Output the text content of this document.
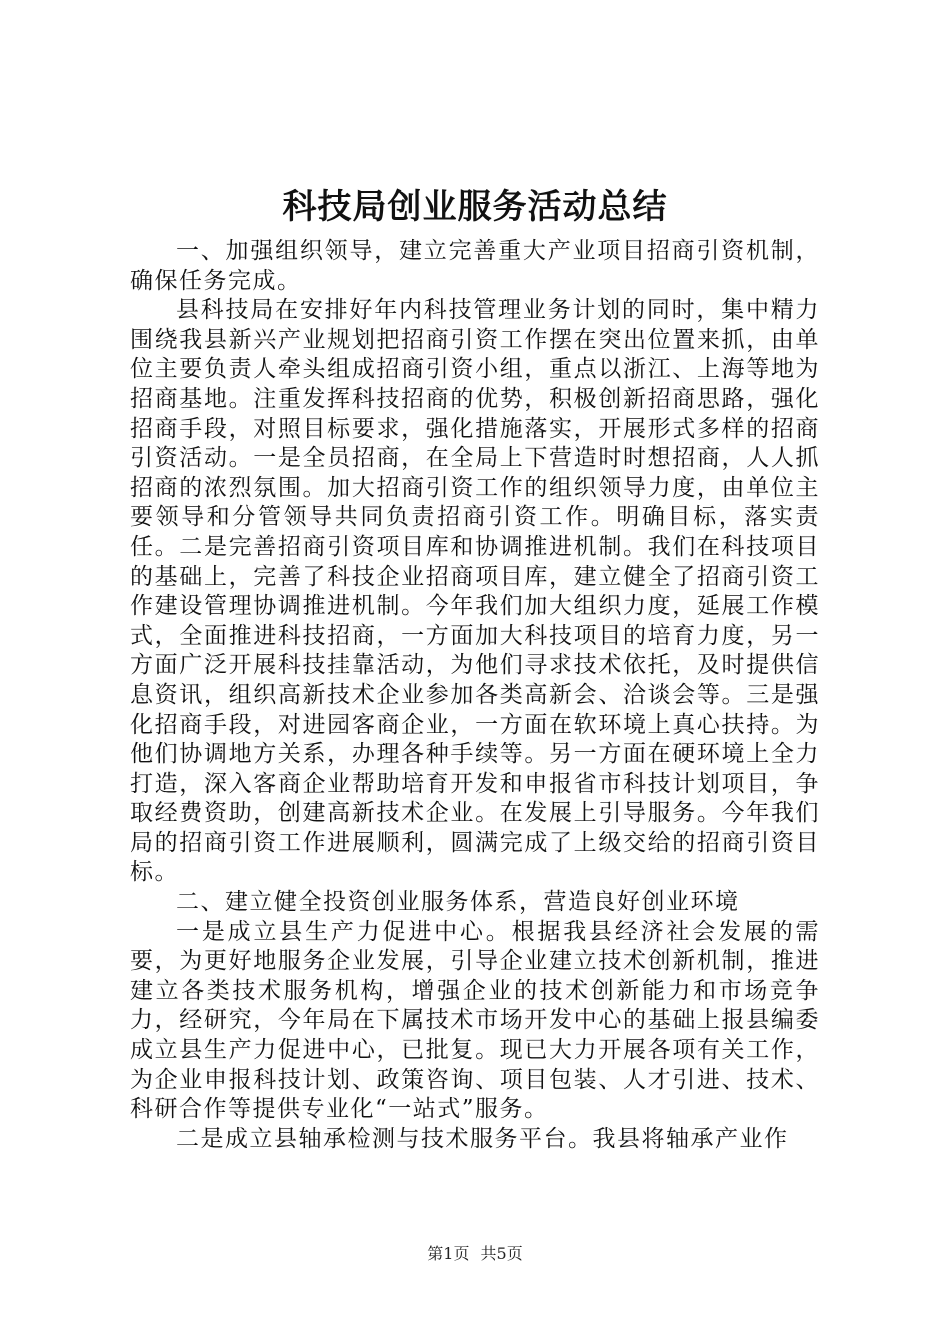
科技局创业服务活动总结

一、加强组织领导，建立完善重大产业项目招商引资机制，确保任务完成。

县科技局在安排好年内科技管理业务计划的同时，集中精力围绕我县新兴产业规划把招商引资工作摆在突出位置来抓，由单位主要负责人牵头组成招商引资小组，重点以浙江、上海等地为招商基地。注重发挥科技招商的优势，积极创新招商思路，强化招商手段，对照目标要求，强化措施落实，开展形式多样的招商引资活动。一是全员招商，在全局上下营造时时想招商，人人抓招商的浓烈氛围。加大招商引资工作的组织领导力度，由单位主要领导和分管领导共同负责招商引资工作。明确目标，落实责任。二是完善招商引资项目库和协调推进机制。我们在科技项目的基础上，完善了科技企业招商项目库，建立健全了招商引资工作建设管理协调推进机制。今年我们加大组织力度，延展工作模式，全面推进科技招商，一方面加大科技项目的培育力度，另一方面广泛开展科技挂靠活动，为他们寻求技术依托，及时提供信息资讯，组织高新技术企业参加各类高新会、洽谈会等。三是强化招商手段，对进园客商企业，一方面在软环境上真心扶持。为他们协调地方关系，办理各种手续等。另一方面在硬环境上全力打造，深入客商企业帮助培育开发和申报省市科技计划项目，争取经费资助，创建高新技术企业。在发展上引导服务。今年我们局的招商引资工作进展顺利，圆满完成了上级交给的招商引资目标。

二、建立健全投资创业服务体系，营造良好创业环境

一是成立县生产力促进中心。根据我县经济社会发展的需要，为更好地服务企业发展，引导企业建立技术创新机制，推进建立各类技术服务机构，增强企业的技术创新能力和市场竞争力，经研究，今年局在下属技术市场开发中心的基础上报县编委成立县生产力促进中心，已批复。现已大力开展各项有关工作，为企业申报科技计划、政策咨询、项目包装、人才引进、技术、科研合作等提供专业化“一站式”服务。

二是成立县轴承检测与技术服务平台。我县将轴承产业作

第1页 共5页
